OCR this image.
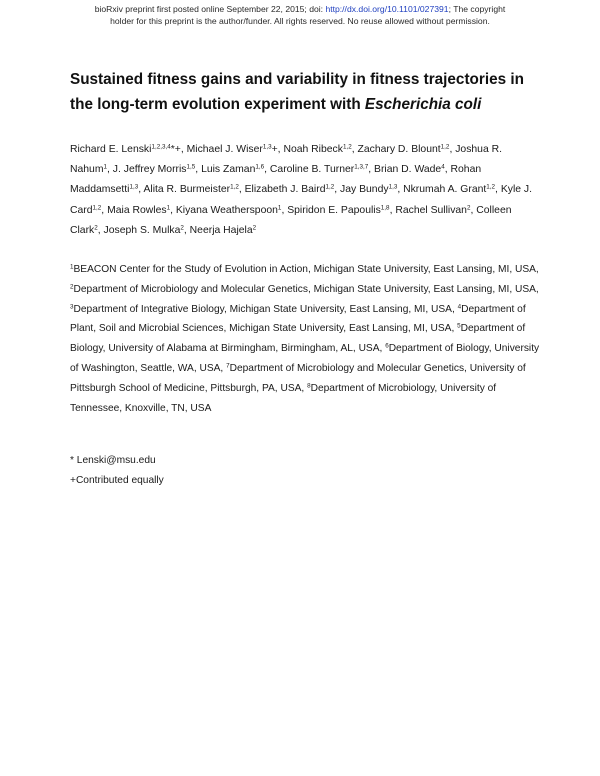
bioRxiv preprint first posted online September 22, 2015; doi: http://dx.doi.org/10.1101/027391; The copyright
holder for this preprint is the author/funder. All rights reserved. No reuse allowed without permission.
Sustained fitness gains and variability in fitness trajectories in the long-term evolution experiment with Escherichia coli
Richard E. Lenski$^{1,2,3,4}$*+, Michael J. Wiser$^{1,3}$+, Noah Ribeck$^{1,2}$, Zachary D. Blount$^{1,2}$, Joshua R. Nahum$^1$, J. Jeffrey Morris$^{1,5}$, Luis Zaman$^{1,6}$, Caroline B. Turner$^{1,3,7}$, Brian D. Wade$^4$, Rohan Maddamsetti$^{1,3}$, Alita R. Burmeister$^{1,2}$, Elizabeth J. Baird$^{1,2}$, Jay Bundy$^{1,3}$, Nkrumah A. Grant$^{1,2}$, Kyle J. Card$^{1,2}$, Maia Rowles$^1$, Kiyana Weatherspoon$^1$, Spiridon E. Papoulis$^{1,8}$, Rachel Sullivan$^2$, Colleen Clark$^2$, Joseph S. Mulka$^2$, Neerja Hajela$^2$
$^1$BEACON Center for the Study of Evolution in Action, Michigan State University, East Lansing, MI, USA, $^2$Department of Microbiology and Molecular Genetics, Michigan State University, East Lansing, MI, USA, $^3$Department of Integrative Biology, Michigan State University, East Lansing, MI, USA, $^4$Department of Plant, Soil and Microbial Sciences, Michigan State University, East Lansing, MI, USA, $^5$Department of Biology, University of Alabama at Birmingham, Birmingham, AL, USA, $^6$Department of Biology, University of Washington, Seattle, WA, USA, $^7$Department of Microbiology and Molecular Genetics, University of Pittsburgh School of Medicine, Pittsburgh, PA, USA, $^8$Department of Microbiology, University of Tennessee, Knoxville, TN, USA
* Lenski@msu.edu
+Contributed equally
